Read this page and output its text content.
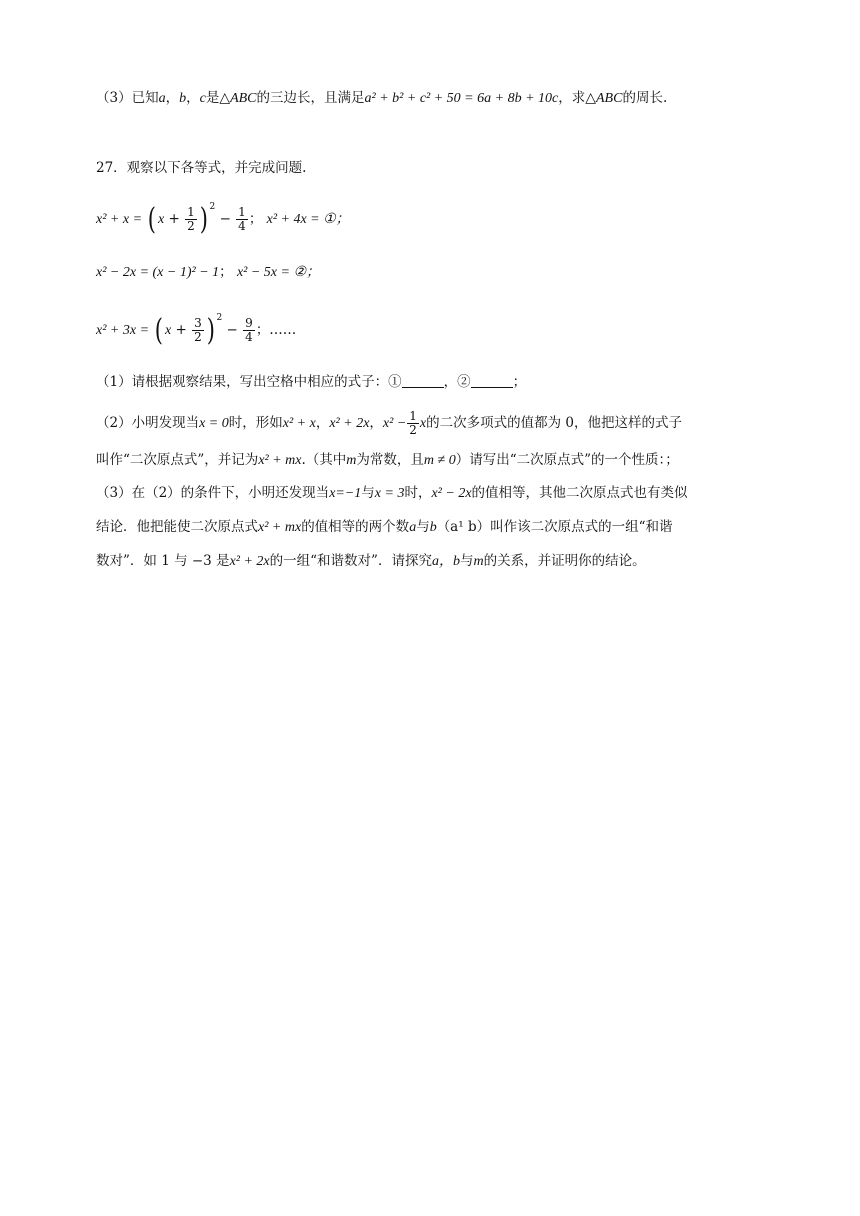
（3）已知a，b，c是△ABC的三边长，且满足a² + b² + c² + 50 = 6a + 8b + 10c，求△ABC的周长.
27．观察以下各等式，并完成问题.
x² + x = ( $x + \frac{1}{2}$ ) $^2 - \frac{1}{4}$ ； x² + 4x = ①；
x² − 2x = (x − 1)² − 1； x² − 5x = ②；
x² + 3x = ( $x + \frac{3}{2}$ ) $^2 - \frac{9}{4}$ ；……
（1）请根据观察结果，写出空格中相应的式子：①	，②	；
（2）小明发现当x = 0时，形如x² + x，x² + 2x，$x^2 - \frac{1}{2}$ x的二次多项式的值都为 0，他把这样的式子
叫作“二次原点式”，并记为x² + mx.（其中m为常数，且m ≠ 0）请写出“二次原点式”的一个性质：；
（3）在（2）的条件下，小明还发现当x=−1与x = 3时，x² − 2x的值相等，其他二次原点式也有类似
结论．他把能使二次原点式x² + mx的值相等的两个数a与b（a¹ b）叫作该二次原点式的一组“和谐
数对”．如 1 与 −3 是x² + 2x的一组“和谐数对”．请探究a，b与m的关系，并证明你的结论。
